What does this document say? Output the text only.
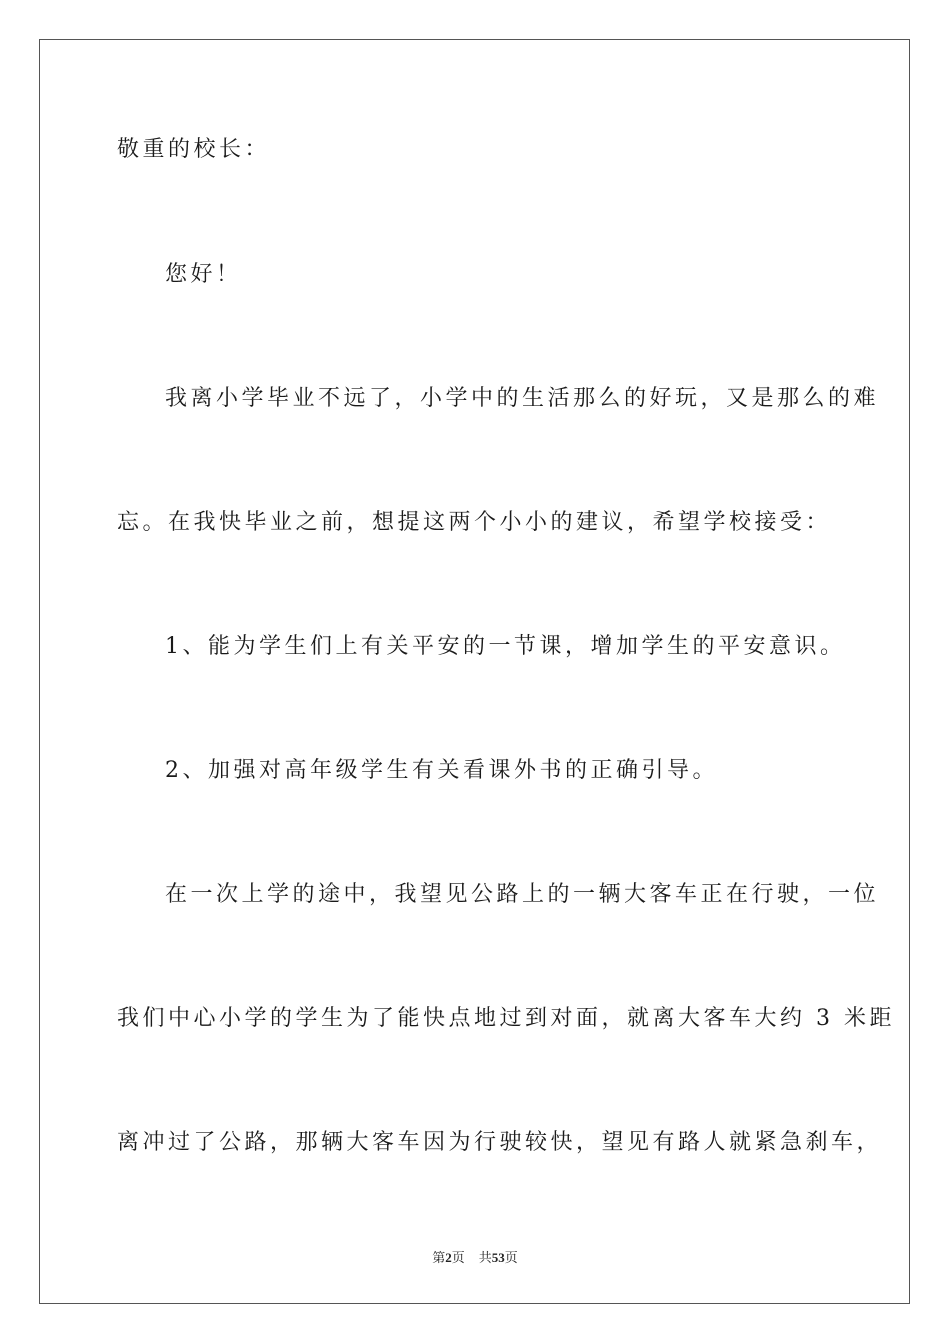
敬重的校长：
您好！
我离小学毕业不远了，小学中的生活那么的好玩，又是那么的难
忘。在我快毕业之前，想提这两个小小的建议，希望学校接受：
1、能为学生们上有关平安的一节课，增加学生的平安意识。
2、加强对高年级学生有关看课外书的正确引导。
在一次上学的途中，我望见公路上的一辆大客车正在行驶，一位
我们中心小学的学生为了能快点地过到对面，就离大客车大约 3 米距
离冲过了公路，那辆大客车因为行驶较快，望见有路人就紧急刹车，
第2页 共53页
